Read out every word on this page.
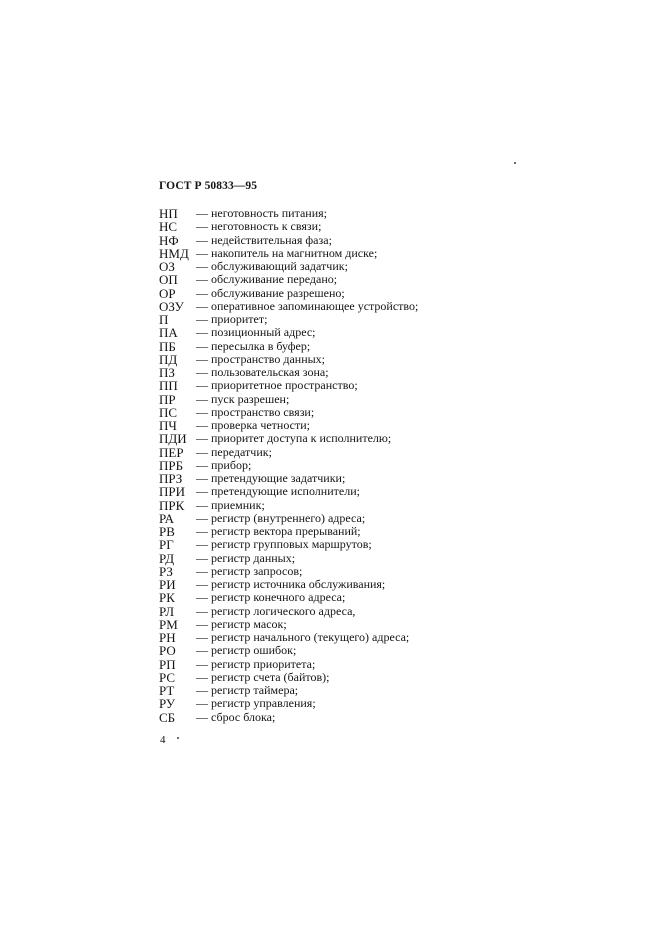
ГОСТ Р 50833—95
НП — неготовность питания;
НС — неготовность к связи;
НФ — недействительная фаза;
НМД — накопитель на магнитном диске;
ОЗ — обслуживающий задатчик;
ОП — обслуживание передано;
ОР — обслуживание разрешено;
ОЗУ — оперативное запоминающее устройство;
П — приоритет;
ПА — позиционный адрес;
ПБ — пересылка в буфер;
ПД — пространство данных;
ПЗ — пользовательская зона;
ПП — приоритетное пространство;
ПР — пуск разрешен;
ПС — пространство связи;
ПЧ — проверка четности;
ПДИ — приоритет доступа к исполнителю;
ПЕР — передатчик;
ПРБ — прибор;
ПРЗ — претендующие задатчики;
ПРИ — претендующие исполнители;
ПРК — приемник;
РА — регистр (внутреннего) адреса;
РВ — регистр вектора прерываний;
РГ — регистр групповых маршрутов;
РД — регистр данных;
РЗ — регистр запросов;
РИ — регистр источника обслуживания;
РК — регистр конечного адреса;
РЛ — регистр логического адреса,
РМ — регистр масок;
РН — регистр начального (текущего) адреса;
РО — регистр ошибок;
РП — регистр приоритета;
РС — регистр счета (байтов);
РТ — регистр таймера;
РУ — регистр управления;
СБ — сброс блока;
4
